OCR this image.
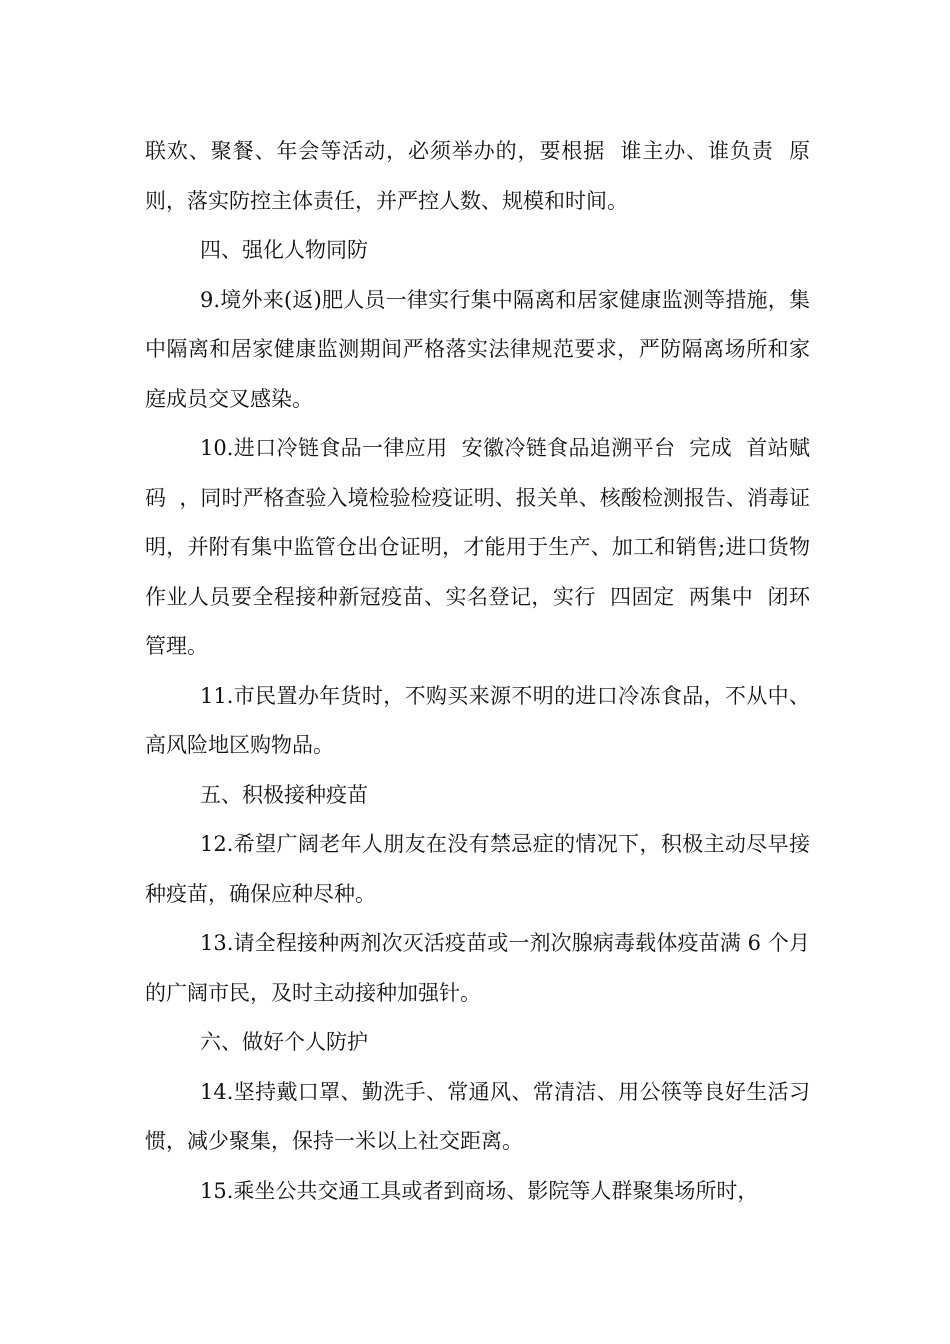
联欢、聚餐、年会等活动，必须举办的，要根据  谁主办、谁负责  原则，落实防控主体责任，并严控人数、规模和时间。

四、强化人物同防

9.境外来(返)肥人员一律实行集中隔离和居家健康监测等措施，集中隔离和居家健康监测期间严格落实法律规范要求，严防隔离场所和家庭成员交叉感染。

10.进口冷链食品一律应用  安徽冷链食品追溯平台  完成  首站赋码  ，同时严格查验入境检验检疫证明、报关单、核酸检测报告、消毒证明，并附有集中监管仓出仓证明，才能用于生产、加工和销售;进口货物作业人员要全程接种新冠疫苗、实名登记，实行  四固定  两集中  闭环管理。

11.市民置办年货时，不购买来源不明的进口冷冻食品，不从中、高风险地区购物品。

五、积极接种疫苗

12.希望广阔老年人朋友在没有禁忌症的情况下，积极主动尽早接种疫苗，确保应种尽种。

13.请全程接种两剂次灭活疫苗或一剂次腺病毒载体疫苗满 6 个月的广阔市民，及时主动接种加强针。

六、做好个人防护

14.坚持戴口罩、勤洗手、常通风、常清洁、用公筷等良好生活习惯，减少聚集，保持一米以上社交距离。

15.乘坐公共交通工具或者到商场、影院等人群聚集场所时，
